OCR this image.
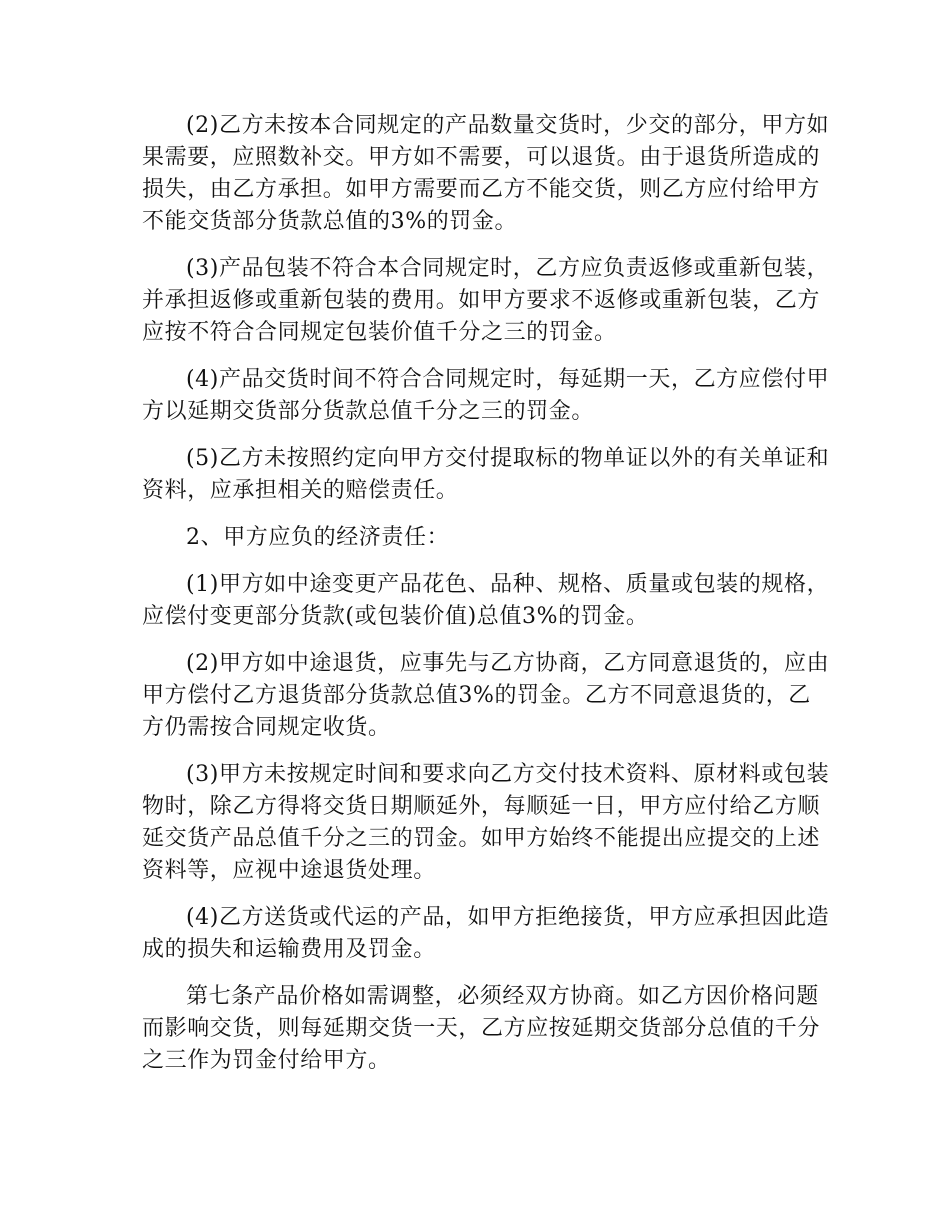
(2)乙方未按本合同规定的产品数量交货时，少交的部分，甲方如果需要，应照数补交。甲方如不需要，可以退货。由于退货所造成的损失，由乙方承担。如甲方需要而乙方不能交货，则乙方应付给甲方不能交货部分货款总值的3%的罚金。

(3)产品包装不符合本合同规定时，乙方应负责返修或重新包装，并承担返修或重新包装的费用。如甲方要求不返修或重新包装，乙方应按不符合合同规定包装价值千分之三的罚金。

(4)产品交货时间不符合合同规定时，每延期一天，乙方应偿付甲方以延期交货部分货款总值千分之三的罚金。

(5)乙方未按照约定向甲方交付提取标的物单证以外的有关单证和资料，应承担相关的赔偿责任。

2、甲方应负的经济责任：

(1)甲方如中途变更产品花色、品种、规格、质量或包装的规格，应偿付变更部分货款(或包装价值)总值3%的罚金。

(2)甲方如中途退货，应事先与乙方协商，乙方同意退货的，应由甲方偿付乙方退货部分货款总值3%的罚金。乙方不同意退货的，乙方仍需按合同规定收货。

(3)甲方未按规定时间和要求向乙方交付技术资料、原材料或包装物时，除乙方得将交货日期顺延外，每顺延一日，甲方应付给乙方顺延交货产品总值千分之三的罚金。如甲方始终不能提出应提交的上述资料等，应视中途退货处理。

(4)乙方送货或代运的产品，如甲方拒绝接货，甲方应承担因此造成的损失和运输费用及罚金。

第七条产品价格如需调整，必须经双方协商。如乙方因价格问题而影响交货，则每延期交货一天，乙方应按延期交货部分总值的千分之三作为罚金付给甲方。
